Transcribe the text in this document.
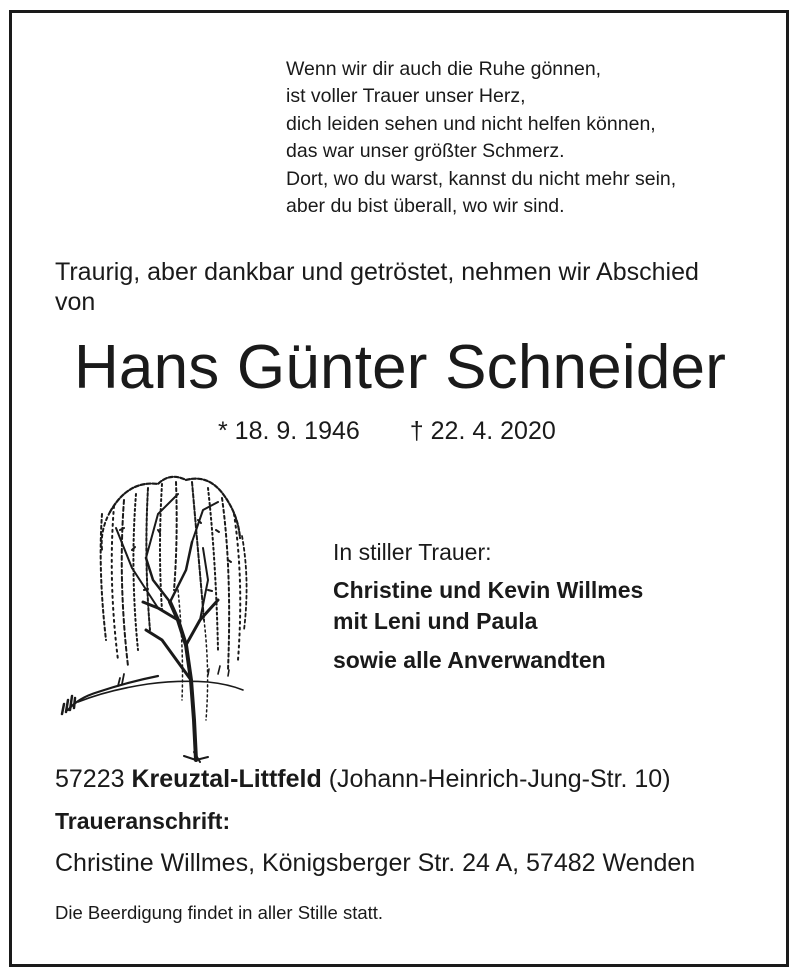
Wenn wir dir auch die Ruhe gönnen,
ist voller Trauer unser Herz,
dich leiden sehen und nicht helfen können,
das war unser größter Schmerz.
Dort, wo du warst, kannst du nicht mehr sein,
aber du bist überall, wo wir sind.
Traurig, aber dankbar und getröstet, nehmen wir Abschied
von
Hans Günter Schneider
* 18. 9. 1946 † 22. 4. 2020
In stiller Trauer:
Christine und Kevin Willmes
mit Leni und Paula
sowie alle Anverwandten
57223 Kreuztal-Littfeld (Johann-Heinrich-Jung-Str. 10)
Traueranschrift:
Christine Willmes, Königsberger Str. 24 A, 57482 Wenden
Die Beerdigung findet in aller Stille statt.
